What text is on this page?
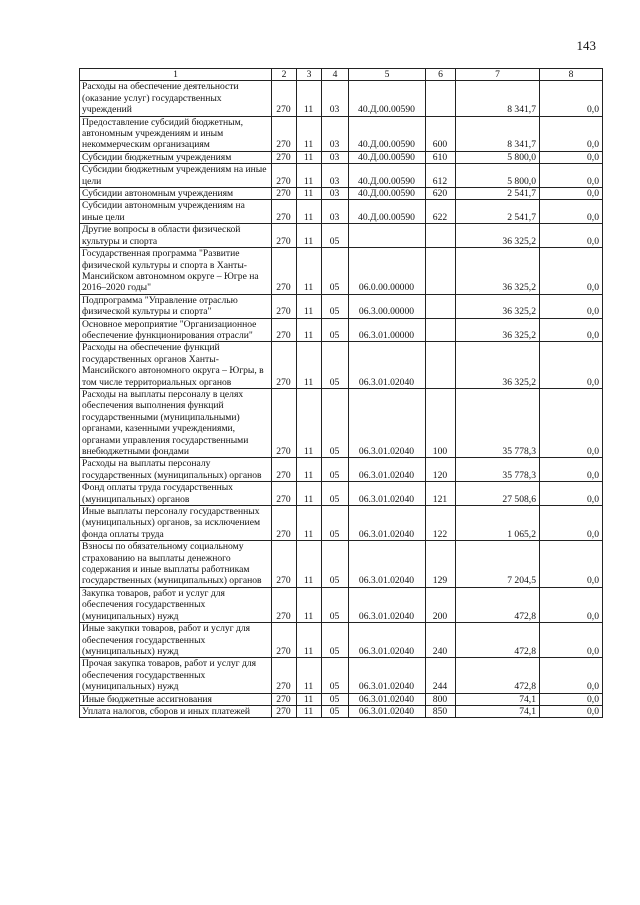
143
1	2	3	4	5	6	7	8
Расходы на обеспечение деятельности (оказание услуг) государственных учреждений	270	11	03	40.Д.00.00590		8 341,7	0,0
Предоставление субсидий бюджетным, автономным учреждениям и иным некоммерческим организациям	270	11	03	40.Д.00.00590	600	8 341,7	0,0
Субсидии бюджетным учреждениям	270	11	03	40.Д.00.00590	610	5 800,0	0,0
Субсидии бюджетным учреждениям на иные цели	270	11	03	40.Д.00.00590	612	5 800,0	0,0
Субсидии автономным учреждениям	270	11	03	40.Д.00.00590	620	2 541,7	0,0
Субсидии автономным учреждениям на иные цели	270	11	03	40.Д.00.00590	622	2 541,7	0,0
Другие вопросы в области физической культуры и спорта	270	11	05			36 325,2	0,0
Государственная программа "Развитие физической культуры и спорта в Ханты-Мансийском автономном округе – Югре на 2016–2020 годы"	270	11	05	06.0.00.00000		36 325,2	0,0
Подпрограмма "Управление отраслью физической культуры и спорта"	270	11	05	06.3.00.00000		36 325,2	0,0
Основное мероприятие "Организационное обеспечение функционирования отрасли"	270	11	05	06.3.01.00000		36 325,2	0,0
Расходы на обеспечение функций государственных органов Ханты-Мансийского автономного округа – Югры, в том числе территориальных органов	270	11	05	06.3.01.02040		36 325,2	0,0
Расходы на выплаты персоналу в целях обеспечения выполнения функций государственными (муниципальными) органами, казенными учреждениями, органами управления государственными внебюджетными фондами	270	11	05	06.3.01.02040	100	35 778,3	0,0
Расходы на выплаты персоналу государственных (муниципальных) органов	270	11	05	06.3.01.02040	120	35 778,3	0,0
Фонд оплаты труда государственных (муниципальных) органов	270	11	05	06.3.01.02040	121	27 508,6	0,0
Иные выплаты персоналу государственных (муниципальных) органов, за исключением фонда оплаты труда	270	11	05	06.3.01.02040	122	1 065,2	0,0
Взносы по обязательному социальному страхованию на выплаты денежного содержания и иные выплаты работникам государственных (муниципальных) органов	270	11	05	06.3.01.02040	129	7 204,5	0,0
Закупка товаров, работ и услуг для обеспечения государственных (муниципальных) нужд	270	11	05	06.3.01.02040	200	472,8	0,0
Иные закупки товаров, работ и услуг для обеспечения государственных (муниципальных) нужд	270	11	05	06.3.01.02040	240	472,8	0,0
Прочая закупка товаров, работ и услуг для обеспечения государственных (муниципальных) нужд	270	11	05	06.3.01.02040	244	472,8	0,0
Иные бюджетные ассигнования	270	11	05	06.3.01.02040	800	74,1	0,0
Уплата налогов, сборов и иных платежей	270	11	05	06.3.01.02040	850	74,1	0,0
